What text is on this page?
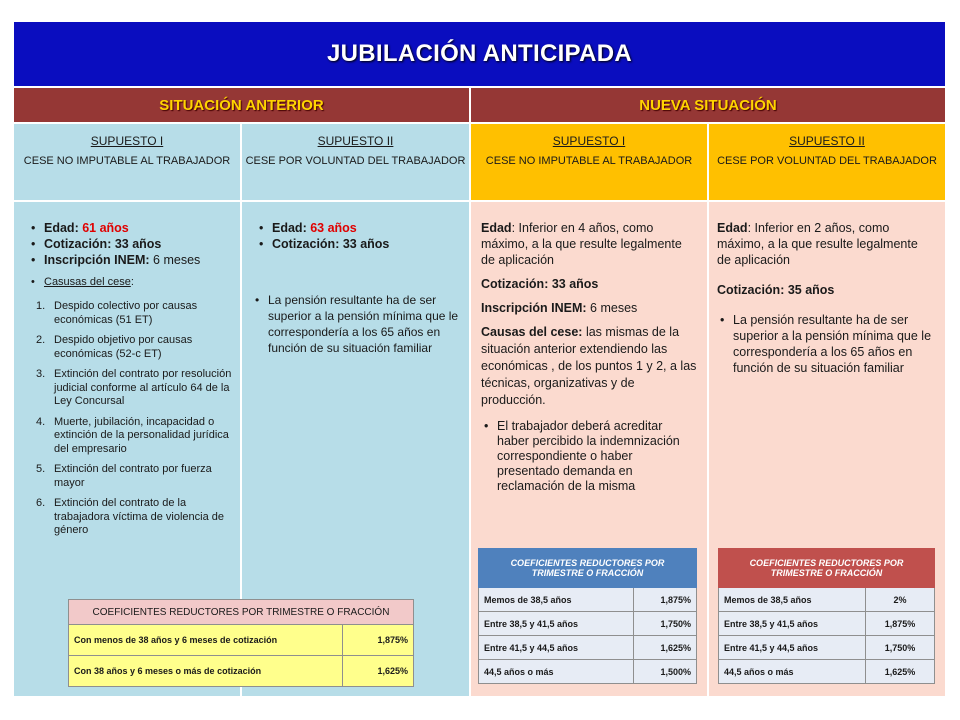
JUBILACIÓN ANTICIPADA
SITUACIÓN ANTERIOR	NUEVA SITUACIÓN
SUPUESTO I
CESE NO IMPUTABLE AL TRABAJADOR
SUPUESTO II
CESE POR VOLUNTAD DEL TRABAJADOR
SUPUESTO I
CESE NO IMPUTABLE AL TRABAJADOR
SUPUESTO II
CESE POR VOLUNTAD DEL TRABAJADOR
• Edad: 61 años
• Cotización: 33 años
• Inscripción INEM: 6 meses
• Casusas del cese:
1. Despido colectivo por causas económicas (51 ET)
2. Despido objetivo por causas económicas (52-c ET)
3. Extinción del contrato por resolución judicial conforme al artículo 64 de la Ley Concursal
4. Muerte, jubilación, incapacidad o extinción de la personalidad jurídica del empresario
5. Extinción del contrato por fuerza mayor
6. Extinción del contrato de la trabajadora víctima de violencia de género
• Edad: 63 años
• Cotización: 33 años
• La pensión resultante ha de ser superior a la pensión mínima que le correspondería a los 65 años en función de su situación familiar

Edad: Inferior en 4 años, como máximo, a la que resulte legalmente de aplicación

Cotización: 33 años

Inscripción INEM: 6 meses

Causas del cese: las mismas de la situación anterior extendiendo las económicas , de los puntos 1 y 2, a las técnicas, organizativas y de producción.

• El trabajador deberá acreditar haber percibido la indemnización correspondiente o haber presentado demanda en reclamación de la misma

Edad: Inferior en 2 años, como máximo, a la que resulte legalmente de aplicación

Cotización: 35 años

• La pensión resultante ha de ser superior a la pensión mínima que le correspondería a los 65 años en función de su situación familiar
COEFICIENTES REDUCTORES POR TRIMESTRE O FRACCIÓN	
Con menos de 38 años y 6 meses de cotización	1,875%
Con 38 años y 6 meses o más de cotización	1,625%
COEFICIENTES REDUCTORES POR TRIMESTRE O FRACCIÓN	
Memos de 38,5 años	1,875%
Entre 38,5 y 41,5 años	1,750%
Entre 41,5 y 44,5 años	1,625%
44,5 años o más	1,500%
COEFICIENTES REDUCTORES POR TRIMESTRE O FRACCIÓN	
Memos de 38,5 años	2%
Entre 38,5 y 41,5 años	1,875%
Entre 41,5 y 44,5 años	1,750%
44,5 años o más	1,625%
